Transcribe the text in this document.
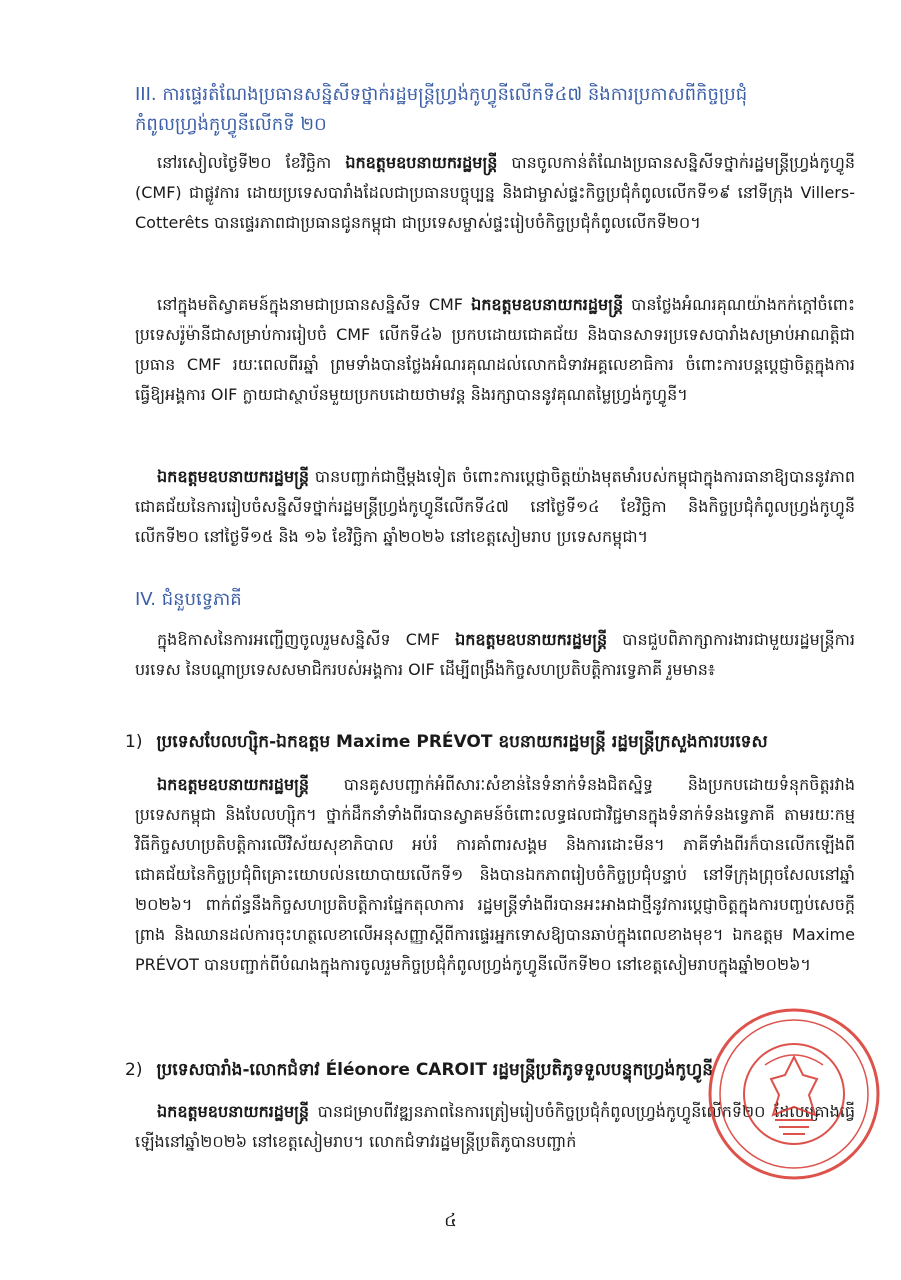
III. ការផ្ទេរតំណែងប្រធានសន្និសីទថ្នាក់រដ្ឋមន្ត្រីហ្វ្រង់កូហ្វូនីលើកទី៤៧ និងការប្រកាសពីកិច្ចប្រជុំកំពូលហ្វ្រង់កូហ្វូនីលើកទី ២០
នៅរសៀលថ្ងៃទី២០ ខែវិច្ឆិកា ឯកឧត្តមឧបនាយករដ្ឋមន្ត្រី បានចូលកាន់តំណែងប្រធានសន្និសីទថ្នាក់រដ្ឋមន្ត្រីហ្វ្រង់កូហ្វូនី (CMF) ជាផ្លូវការ ដោយប្រទេសបារាំងដែលជាប្រធានបច្ចុប្បន្ន និងជាម្ចាស់ផ្ទះកិច្ចប្រជុំកំពូលលើកទី១៩ នៅទីក្រុង Villers-Cotterêts បានផ្ទេរភាពជាប្រធានជូនកម្ពុជា ជាប្រទេសម្ចាស់ផ្ទះរៀបចំកិច្ចប្រជុំកំពូលលើកទី២០។
នៅក្នុងមតិស្វាគមន៍ក្នុងនាមជាប្រធានសន្និសីទ CMF ឯកឧត្តមឧបនាយករដ្ឋមន្ត្រី បានថ្លែងអំណរគុណយ៉ាងកក់ក្ដៅចំពោះប្រទេសរ៉ូម៉ានីជាសម្រាប់ការរៀបចំ CMF លើកទី៤៦ ប្រកបដោយជោគជ័យ និងបានសាទរប្រទេសបារាំងសម្រាប់អាណត្តិជាប្រធាន CMF រយៈពេលពីរឆ្នាំ ព្រមទាំងបានថ្លែងអំណរគុណដល់លោកជំទាវអគ្គលេខាធិការ ចំពោះការបន្តប្ដេជ្ញាចិត្តក្នុងការធ្វើឱ្យអង្គការ OIF ក្លាយជាស្ថាប័នមួយប្រកបដោយថាមវន្ត និងរក្សាបាននូវគុណតម្លៃហ្វ្រង់កូហ្វូនី។
ឯកឧត្តមឧបនាយករដ្ឋមន្ត្រី បានបញ្ជាក់ជាថ្មីម្ដងទៀត ចំពោះការប្ដេជ្ញាចិត្តយ៉ាងមុតមាំរបស់កម្ពុជាក្នុងការធានាឱ្យបាននូវភាពជោគជ័យនៃការរៀបចំសន្និសីទថ្នាក់រដ្ឋមន្ត្រីហ្វ្រង់កូហ្វូនីលើកទី៤៧ នៅថ្ងៃទី១៤ ខែវិច្ឆិកា និងកិច្ចប្រជុំកំពូលហ្វ្រង់កូហ្វូនីលើកទី២០ នៅថ្ងៃទី១៥ និង ១៦ ខែវិច្ឆិកា ឆ្នាំ២០២៦ នៅខេត្តសៀមរាប ប្រទេសកម្ពុជា។
IV. ជំនួបទ្វេភាគី
ក្នុងឱកាសនៃការអញ្ជើញចូលរួមសន្និសីទ CMF ឯកឧត្តមឧបនាយករដ្ឋមន្ត្រី បានជួបពិភាក្សាការងារជាមួយរដ្ឋមន្ត្រីការបរទេស នៃបណ្ដាប្រទេសសមាជិករបស់អង្គការ OIF ដើម្បីពង្រឹងកិច្ចសហប្រតិបត្តិការទ្វេភាគី រួមមាន៖
1) ប្រទេសបែលហ្ស៊ិក-ឯកឧត្តម Maxime PRÉVOT ឧបនាយករដ្ឋមន្ត្រី រដ្ឋមន្ត្រីក្រសួងការបរទេស
ឯកឧត្តមឧបនាយករដ្ឋមន្ត្រី បានគូសបញ្ជាក់អំពីសារៈសំខាន់នៃទំនាក់ទំនងជិតស្និទ្ធ និងប្រកបដោយទំនុកចិត្តរវាងប្រទេសកម្ពុជា និងបែលហ្ស៊ិក។ ថ្នាក់ដឹកនាំទាំងពីរបានស្វាគមន៍ចំពោះលទ្ធផលជាវិជ្ជមានក្នុងទំនាក់ទំនងទ្វេភាគី តាមរយៈកម្មវិធីកិច្ចសហប្រតិបត្តិការលើវិស័យសុខាភិបាល អប់រំ ការគាំពារសង្គម និងការដោះមីន។ ភាគីទាំងពីរក៏បានលើកឡើងពីជោគជ័យនៃកិច្ចប្រជុំពិគ្រោះយោបល់នយោបាយលើកទី១ និងបានឯកភាពរៀបចំកិច្ចប្រជុំបន្ទាប់ នៅទីក្រុងព្រុចសែលនៅឆ្នាំ ២០២៦។ ពាក់ព័ន្ធនឹងកិច្ចសហប្រតិបត្តិការផ្នែកតុលាការ រដ្ឋមន្ត្រីទាំងពីរបានអះអាងជាថ្មីនូវការប្ដេជ្ញាចិត្តក្នុងការបញ្ចប់សេចក្ដីព្រាង និងឈានដល់ការចុះហត្ថលេខាលើអនុសញ្ញាស្ដីពីការផ្ទេរអ្នកទោសឱ្យបានឆាប់ក្នុងពេលខាងមុខ។ ឯកឧត្តម Maxime PRÉVOT បានបញ្ជាក់ពីបំណងក្នុងការចូលរួមកិច្ចប្រជុំកំពូលហ្វ្រង់កូហ្វូនីលើកទី២០ នៅខេត្តសៀមរាបក្នុងឆ្នាំ២០២៦។
2) ប្រទេសបារាំង-លោកជំទាវ Éléonore CAROIT រដ្ឋមន្ត្រីប្រតិភូទទួលបន្ទុកហ្វ្រង់កូហ្វូនី
ឯកឧត្តមឧបនាយករដ្ឋមន្ត្រី បានជម្រាបពីវឌ្ឍនភាពនៃការត្រៀមរៀបចំកិច្ចប្រជុំកំពូលហ្វ្រង់កូហ្វូនីលើកទី២០ ដែលគ្រោងធ្វើឡើងនៅឆ្នាំ២០២៦ នៅខេត្តសៀមរាប។ លោកជំទាវរដ្ឋមន្ត្រីប្រតិភូបានបញ្ជាក់
៤
